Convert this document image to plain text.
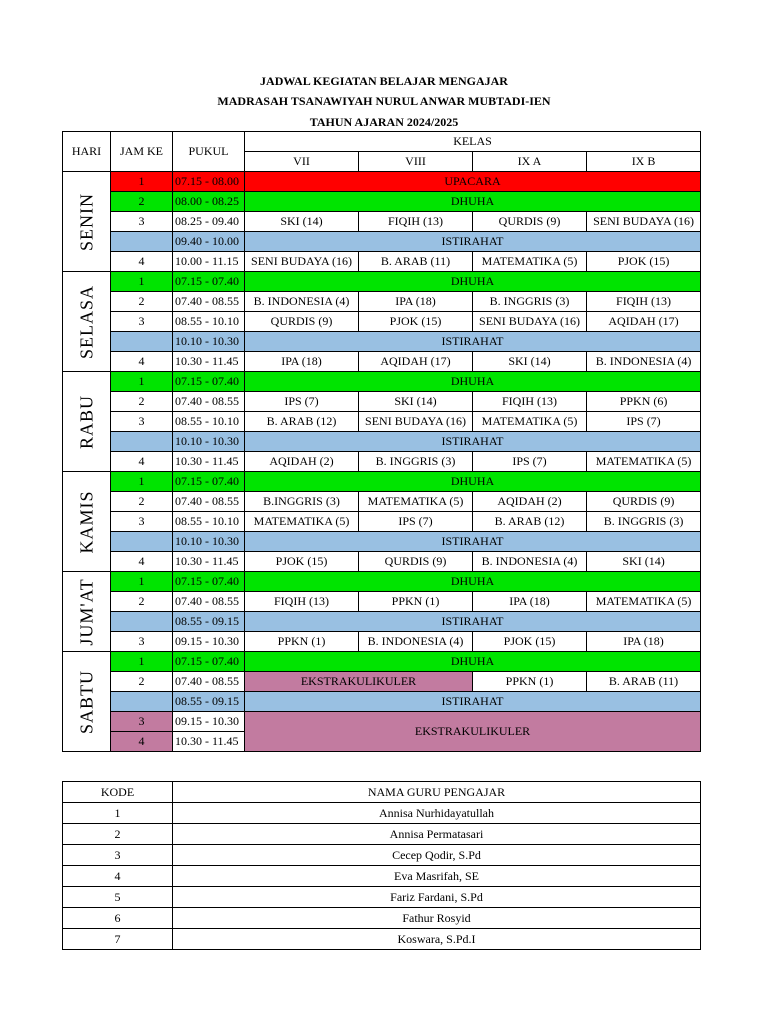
JADWAL KEGIATAN BELAJAR MENGAJAR
MADRASAH TSANAWIYAH NURUL ANWAR MUBTADI-IEN
TAHUN AJARAN 2024/2025
HARI	JAM KE	PUKUL	KELAS			
			VII	VIII	IX A	IX B

SENIN	1	07.15 - 08.00	UPACARA			
	2	08.00 - 08.25	DHUHA			
	3	08.25 - 09.40	SKI (14)	FIQIH (13)	QURDIS (9)	SENI BUDAYA (16)
		09.40 - 10.00	ISTIRAHAT			
	4	10.00 - 11.15	SENI BUDAYA (16)	B. ARAB (11)	MATEMATIKA (5)	PJOK (15)

SELASA	1	07.15 - 07.40	DHUHA			
	2	07.40 - 08.55	B. INDONESIA (4)	IPA (18)	B. INGGRIS (3)	FIQIH (13)
	3	08.55 - 10.10	QURDIS (9)	PJOK (15)	SENI BUDAYA (16)	AQIDAH (17)
		10.10 - 10.30	ISTIRAHAT			
	4	10.30 - 11.45	IPA (18)	AQIDAH (17)	SKI (14)	B. INDONESIA (4)

RABU	1	07.15 - 07.40	DHUHA			
	2	07.40 - 08.55	IPS (7)	SKI (14)	FIQIH (13)	PPKN (6)
	3	08.55 - 10.10	B. ARAB (12)	SENI BUDAYA (16)	MATEMATIKA (5)	IPS (7)
		10.10 - 10.30	ISTIRAHAT			
	4	10.30 - 11.45	AQIDAH (2)	B. INGGRIS (3)	IPS (7)	MATEMATIKA (5)

KAMIS	1	07.15 - 07.40	DHUHA			
	2	07.40 - 08.55	B.INGGRIS (3)	MATEMATIKA (5)	AQIDAH (2)	QURDIS (9)
	3	08.55 - 10.10	MATEMATIKA (5)	IPS (7)	B. ARAB (12)	B. INGGRIS (3)
		10.10 - 10.30	ISTIRAHAT			
	4	10.30 - 11.45	PJOK (15)	QURDIS (9)	B. INDONESIA (4)	SKI (14)

JUM'AT	1	07.15 - 07.40	DHUHA			
	2	07.40 - 08.55	FIQIH (13)	PPKN (1)	IPA (18)	MATEMATIKA (5)
		08.55 - 09.15	ISTIRAHAT			
	3	09.15 - 10.30	PPKN (1)	B. INDONESIA (4)	PJOK (15)	IPA (18)

SABTU	1	07.15 - 07.40	DHUHA			
	2	07.40 - 08.55	EKSTRAKULIKULER		PPKN (1)	B. ARAB (11)
		08.55 - 09.15	ISTIRAHAT			
	3	09.15 - 10.30	EKSTRAKULIKULER			
	4	10.30 - 11.45				
KODE	NAMA GURU PENGAJAR
1	Annisa Nurhidayatullah
2	Annisa Permatasari
3	Cecep Qodir, S.Pd
4	Eva Masrifah, SE
5	Fariz Fardani, S.Pd
6	Fathur Rosyid
7	Koswara, S.Pd.I
